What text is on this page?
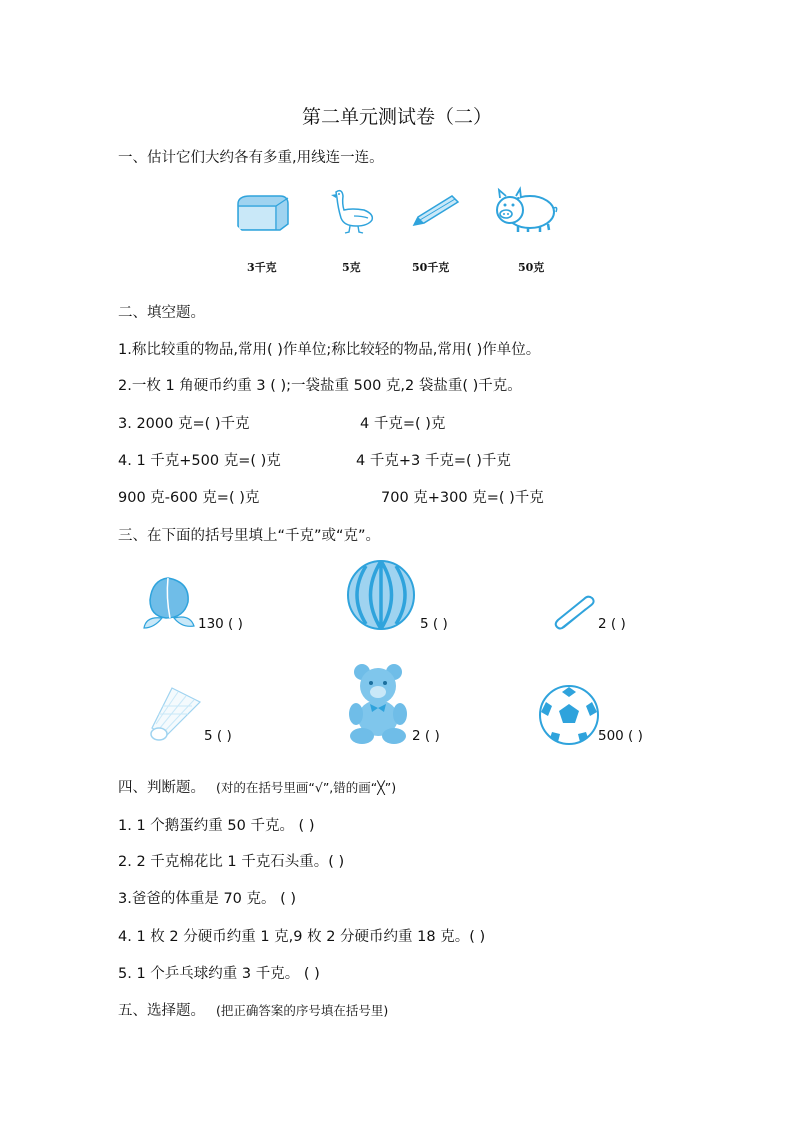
第二单元测试卷（二）
一、估计它们大约各有多重,用线连一连。
3千克	5克	50千克	50克
二、填空题。
1.称比较重的物品,常用( )作单位;称比较轻的物品,常用( )作单位。
2.一枚 1 角硬币约重 3 ( );一袋盐重 500 克,2 袋盐重( )千克。
3. 2000 克=( )千克	4 千克=( )克
4. 1 千克+500 克=( )克	4 千克+3 千克=( )千克
900 克-600 克=( )克	700 克+300 克=( )千克
三、在下面的括号里填上“千克”或“克”。
130 ( )	5 ( )	2 ( )
5 ( )	2 ( )	500 ( )
四、判断题。 (对的在括号里画“√”,错的画“╳”)
1. 1 个鹅蛋约重 50 千克。 ( )
2. 2 千克棉花比 1 千克石头重。( )
3.爸爸的体重是 70 克。 ( )
4. 1 枚 2 分硬币约重 1 克,9 枚 2 分硬币约重 18 克。( )
5. 1 个乒乓球约重 3 千克。 ( )
五、选择题。 (把正确答案的序号填在括号里)
